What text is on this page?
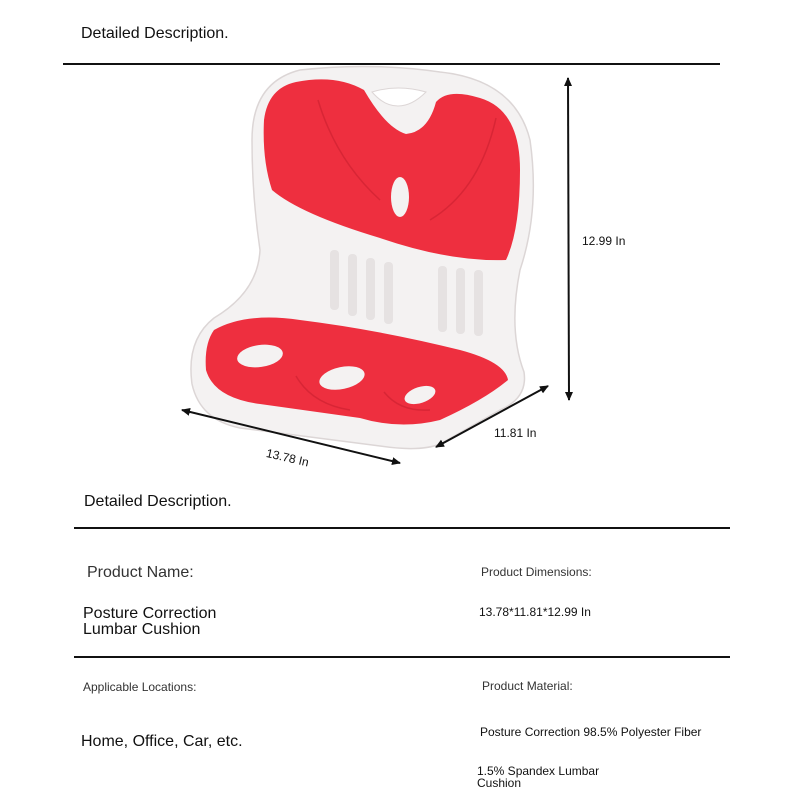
Detailed Description.
12.99 In
11.81 In
13.78 In
Detailed Description.
Product Name:	Product Dimensions:
Posture Correction
Lumbar Cushion
13.78*11.81*12.99 In
Applicable Locations:	Product Material:
Home, Office, Car, etc.
Posture Correction 98.5% Polyester Fiber
1.5% Spandex Lumbar
Cushion
